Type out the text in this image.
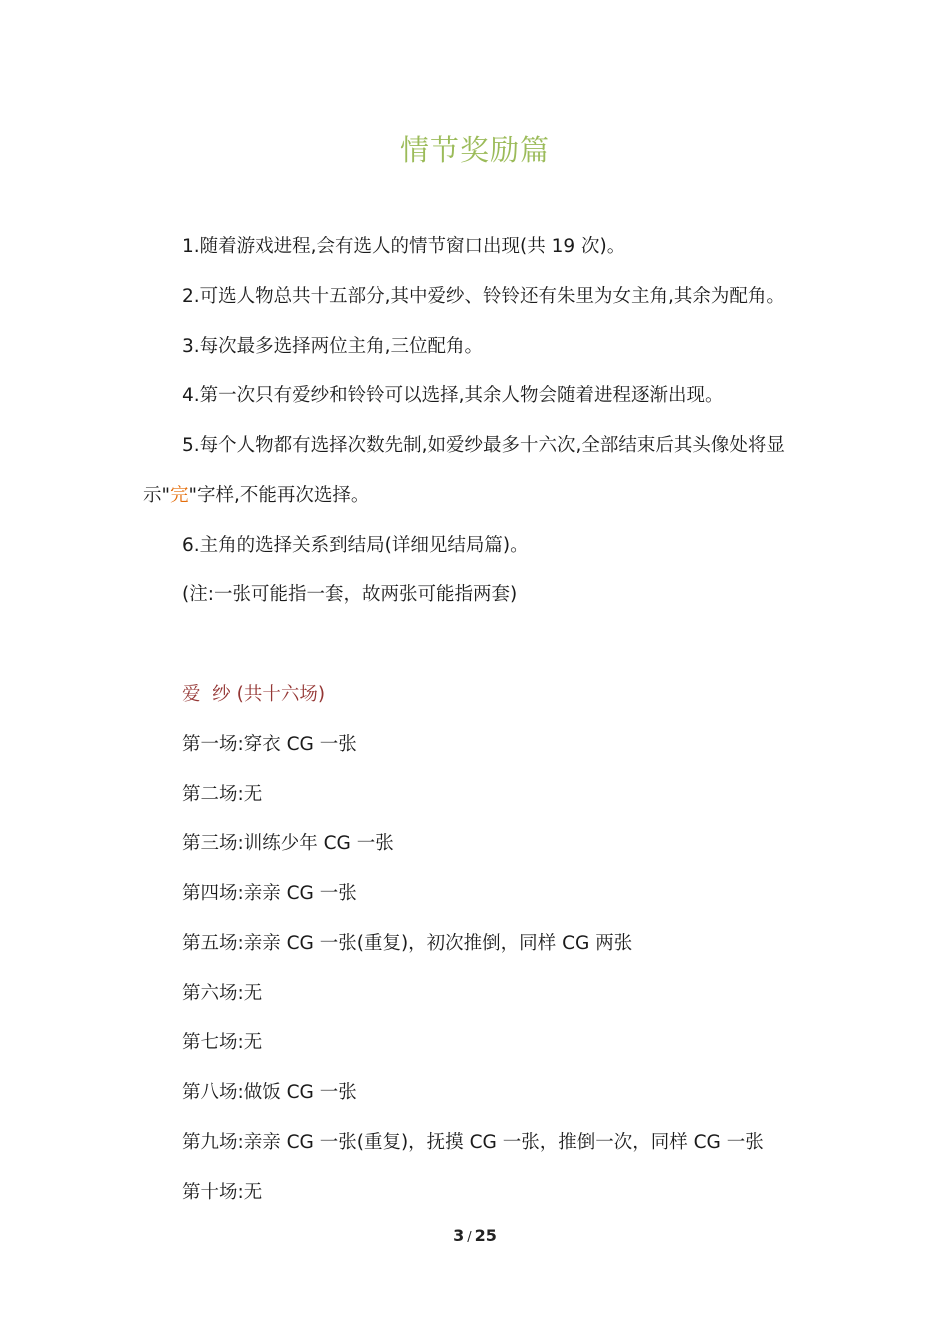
情节奖励篇
1.随着游戏进程,会有选人的情节窗口出现(共 19 次)。
2.可选人物总共十五部分,其中爱纱、铃铃还有朱里为女主角,其余为配角。
3.每次最多选择两位主角,三位配角。
4.第一次只有爱纱和铃铃可以选择,其余人物会随着进程逐渐出现。
5.每个人物都有选择次数先制,如爱纱最多十六次,全部结束后其头像处将显
示"完"字样,不能再次选择。
6.主角的选择关系到结局(详细见结局篇)。
(注:一张可能指一套，故两张可能指两套)
爱  纱 (共十六场)
第一场:穿衣 CG 一张
第二场:无
第三场:训练少年 CG 一张
第四场:亲亲 CG 一张
第五场:亲亲 CG 一张(重复)，初次推倒，同样 CG 两张
第六场:无
第七场:无
第八场:做饭 CG 一张
第九场:亲亲 CG 一张(重复)，抚摸 CG 一张，推倒一次，同样 CG 一张
第十场:无
3 / 25
